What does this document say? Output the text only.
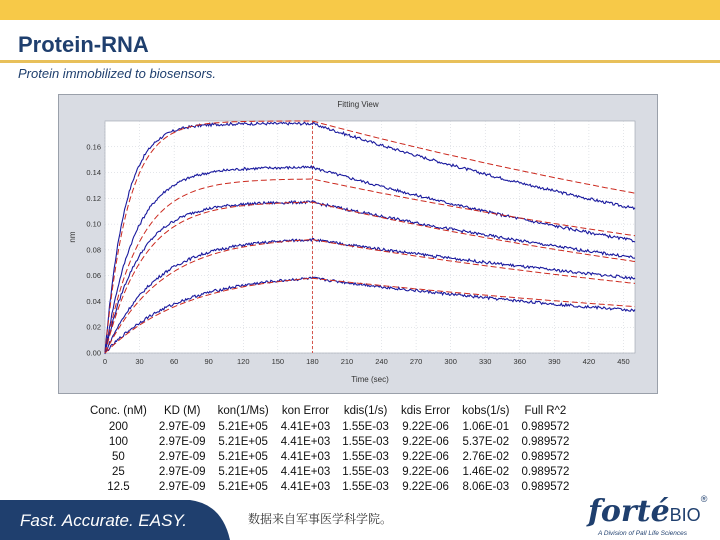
Protein-RNA
Protein immobilized to biosensors.
Fitting View
0	30	60	90	120	150	180	210	240	270	300	330	360	390	420	450
0.00
0.02
0.04
0.06
0.08
0.10
0.12
0.14
0.16
Time (sec)
nm
Conc. (nM)	KD (M)	kon(1/Ms)	kon Error	kdis(1/s)	kdis Error	kobs(1/s)	Full R^2
200	2.97E-09	5.21E+05	4.41E+03	1.55E-03	9.22E-06	1.06E-01	0.989572
100	2.97E-09	5.21E+05	4.41E+03	1.55E-03	9.22E-06	5.37E-02	0.989572
50	2.97E-09	5.21E+05	4.41E+03	1.55E-03	9.22E-06	2.76E-02	0.989572
25	2.97E-09	5.21E+05	4.41E+03	1.55E-03	9.22E-06	1.46E-02	0.989572
12.5	2.97E-09	5.21E+05	4.41E+03	1.55E-03	9.22E-06	8.06E-03	0.989572
Fast. Accurate. EASY.	数据来自军事医学科学院。	fortéBIO®
A Division of Pall Life Sciences
